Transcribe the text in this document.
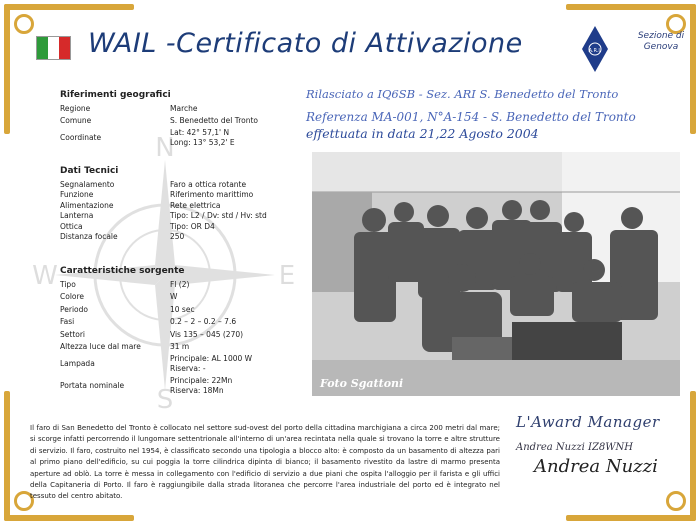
WAIL -Certificato di Attivazione	A.R.I.
Sezione di Genova
N
S
W	E
Riferimenti geografici
Regione	Marche
Comune	S. Benedetto del Tronto
Coordinate
Lat: 42° 57,1' N
Long: 13° 53,2' E
Dati Tecnici
Segnalamento	Faro a ottica rotante
Funzione	Riferimento marittimo
Alimentazione	Rete elettrica
Lanterna	Tipo: L2 / Dv: std / Hv: std
Ottica	Tipo: OR D4
Distanza focale	250
Caratteristiche sorgente
Tipo	Fl (2)
Colore	W
Periodo	10 sec
Fasi	0.2 – 2 – 0.2 – 7.6
Settori	Vis 135 – 045 (270)
Altezza luce dal mare	31 m
Lampada
Principale: AL 1000 W
Riserva: -
Portata nominale
Principale: 22Mn
Riserva: 18Mn
Rilasciato a IQ6SB - Sez. ARI S. Benedetto del Tronto
Referenza MA-001, N°A-154 - S. Benedetto del Tronto
effettuata in data 21,22 Agosto 2004
Foto Sgattoni
Il faro di San Benedetto del Tronto è collocato nel settore sud-ovest del porto della cittadina marchigiana a circa 200 metri dal mare; si scorge infatti percorrendo il lungomare settentrionale all'interno di un'area recintata nella quale si trovano la torre e altre strutture di servizio. Il faro, costruito nel 1954, è classificato secondo una tipologia a blocco alto: è composto da un basamento di altezza pari al primo piano dell'edificio, su cui poggia la torre cilindrica dipinta di bianco; il basamento rivestito da lastre di marmo presenta aperture ad oblò. La torre è messa in collegamento con l'edificio di servizio a due piani che ospita l'alloggio per il farista e gli uffici della Capitaneria di Porto. Il faro è raggiungibile dalla strada litoranea che percorre l'area industriale del porto ed è integrato nel tessuto del centro abitato.
L'Award Manager
Andrea Nuzzi IZ8WNH
Andrea Nuzzi
